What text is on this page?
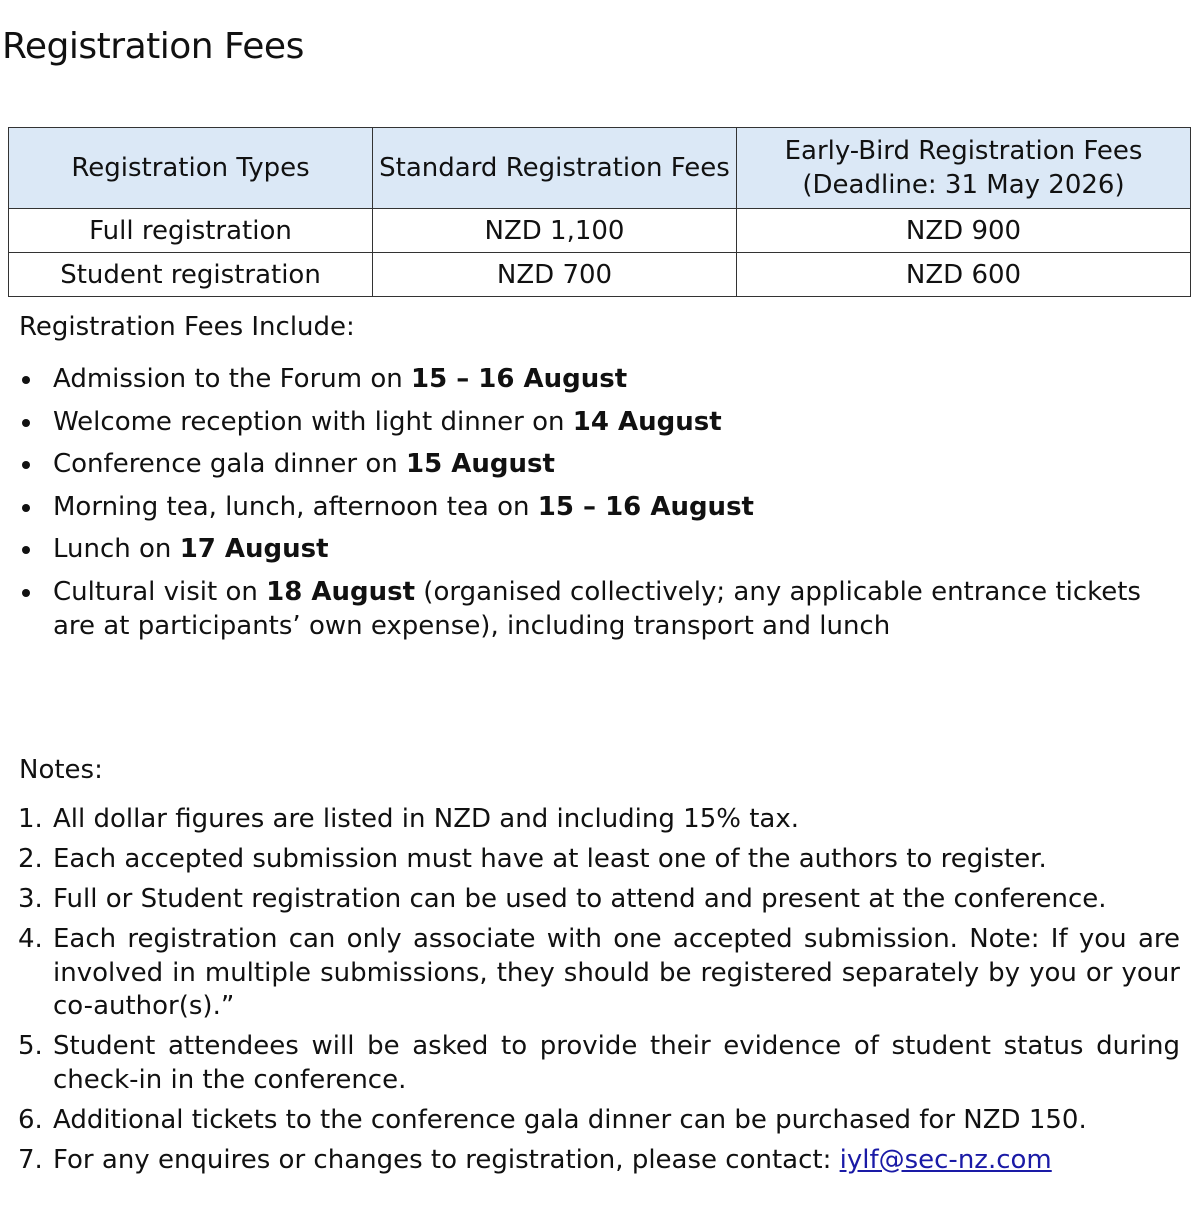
Registration Fees
Registration Types	Standard Registration Fees	Early-Bird Registration Fees (Deadline: 31 May 2026)
Full registration	NZD 1,100	NZD 900
Student registration	NZD 700	NZD 600
Registration Fees Include:
Admission to the Forum on 15 – 16 August
Welcome reception with light dinner on 14 August
Conference gala dinner on 15 August
Morning tea, lunch, afternoon tea on 15 – 16 August
Lunch on 17 August
Cultural visit on 18 August (organised collectively; any applicable entrance tickets are at participants’ own expense), including transport and lunch
Notes:
1. All dollar figures are listed in NZD and including 15% tax.
2. Each accepted submission must have at least one of the authors to register.
3. Full or Student registration can be used to attend and present at the conference.
4. Each registration can only associate with one accepted submission. Note: If you are involved in multiple submissions, they should be registered separately by you or your co-author(s).”
5. Student attendees will be asked to provide their evidence of student status during check-in in the conference.
6. Additional tickets to the conference gala dinner can be purchased for NZD 150.
7. For any enquires or changes to registration, please contact: iylf@sec-nz.com
